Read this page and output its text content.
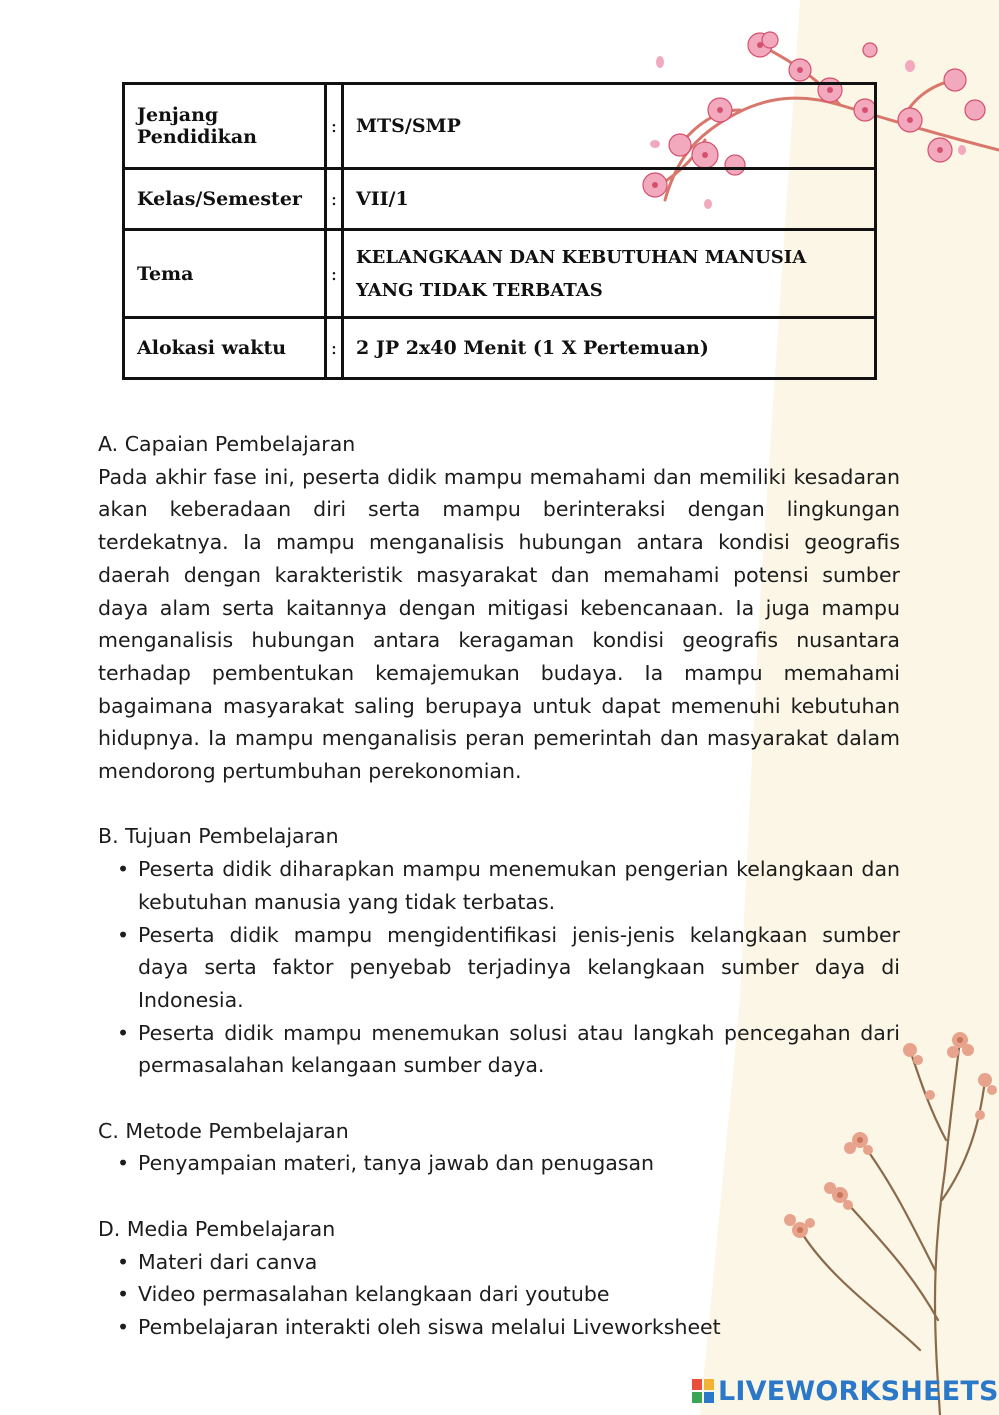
Jenjang Pendidikan	:	MTS/SMP
Kelas/Semester	:	VII/1
Tema	:	KELANGKAAN DAN KEBUTUHAN MANUSIA YANG TIDAK TERBATAS
Alokasi waktu	:	2 JP 2x40 Menit (1 X Pertemuan)

A. Capaian Pembelajaran

Pada akhir fase ini, peserta didik mampu memahami dan memiliki kesadaran akan keberadaan diri serta mampu berinteraksi dengan lingkungan terdekatnya. Ia mampu menganalisis hubungan antara kondisi geografis daerah dengan karakteristik masyarakat dan memahami potensi sumber daya alam serta kaitannya dengan mitigasi kebencanaan. Ia juga mampu menganalisis hubungan antara keragaman kondisi geografis nusantara terhadap pembentukan kemajemukan budaya. Ia mampu memahami bagaimana masyarakat saling berupaya untuk dapat memenuhi kebutuhan hidupnya. Ia mampu menganalisis peran pemerintah dan masyarakat dalam mendorong pertumbuhan perekonomian.

B. Tujuan Pembelajaran

• Peserta didik diharapkan mampu menemukan pengerian kelangkaan dan kebutuhan manusia yang tidak terbatas.
• Peserta didik mampu mengidentifikasi jenis-jenis kelangkaan sumber daya serta faktor penyebab terjadinya kelangkaan sumber daya di Indonesia.
• Peserta didik mampu menemukan solusi atau langkah pencegahan dari permasalahan kelangaan sumber daya.

C. Metode Pembelajaran

• Penyampaian materi, tanya jawab dan penugasan

D. Media Pembelajaran

• Materi dari canva
• Video permasalahan kelangkaan dari youtube
• Pembelajaran interakti oleh siswa melalui Liveworksheet
LIVEWORKSHEETS
